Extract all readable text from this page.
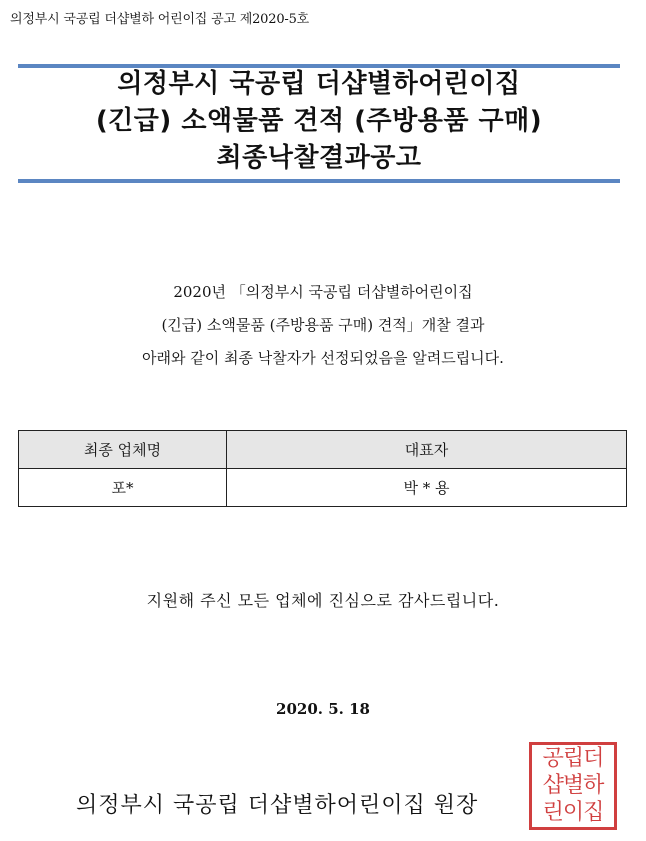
의정부시 국공립 더샵별하 어린이집 공고 제2020-5호
의정부시 국공립 더샵별하어린이집
(긴급) 소액물품 견적 (주방용품 구매)
최종낙찰결과공고
2020년 「의정부시 국공립 더샵별하어린이집
(긴급) 소액물품 (주방용품 구매) 견적」개찰 결과
아래와 같이 최종 낙찰자가 선정되었음을 알려드립니다.
최종 업체명	대표자
포*	박 * 용
지원해 주신 모든 업체에 진심으로 감사드립니다.
2020. 5. 18
의정부시 국공립 더샵별하어린이집 원장
공립더
샵별하
린이집
